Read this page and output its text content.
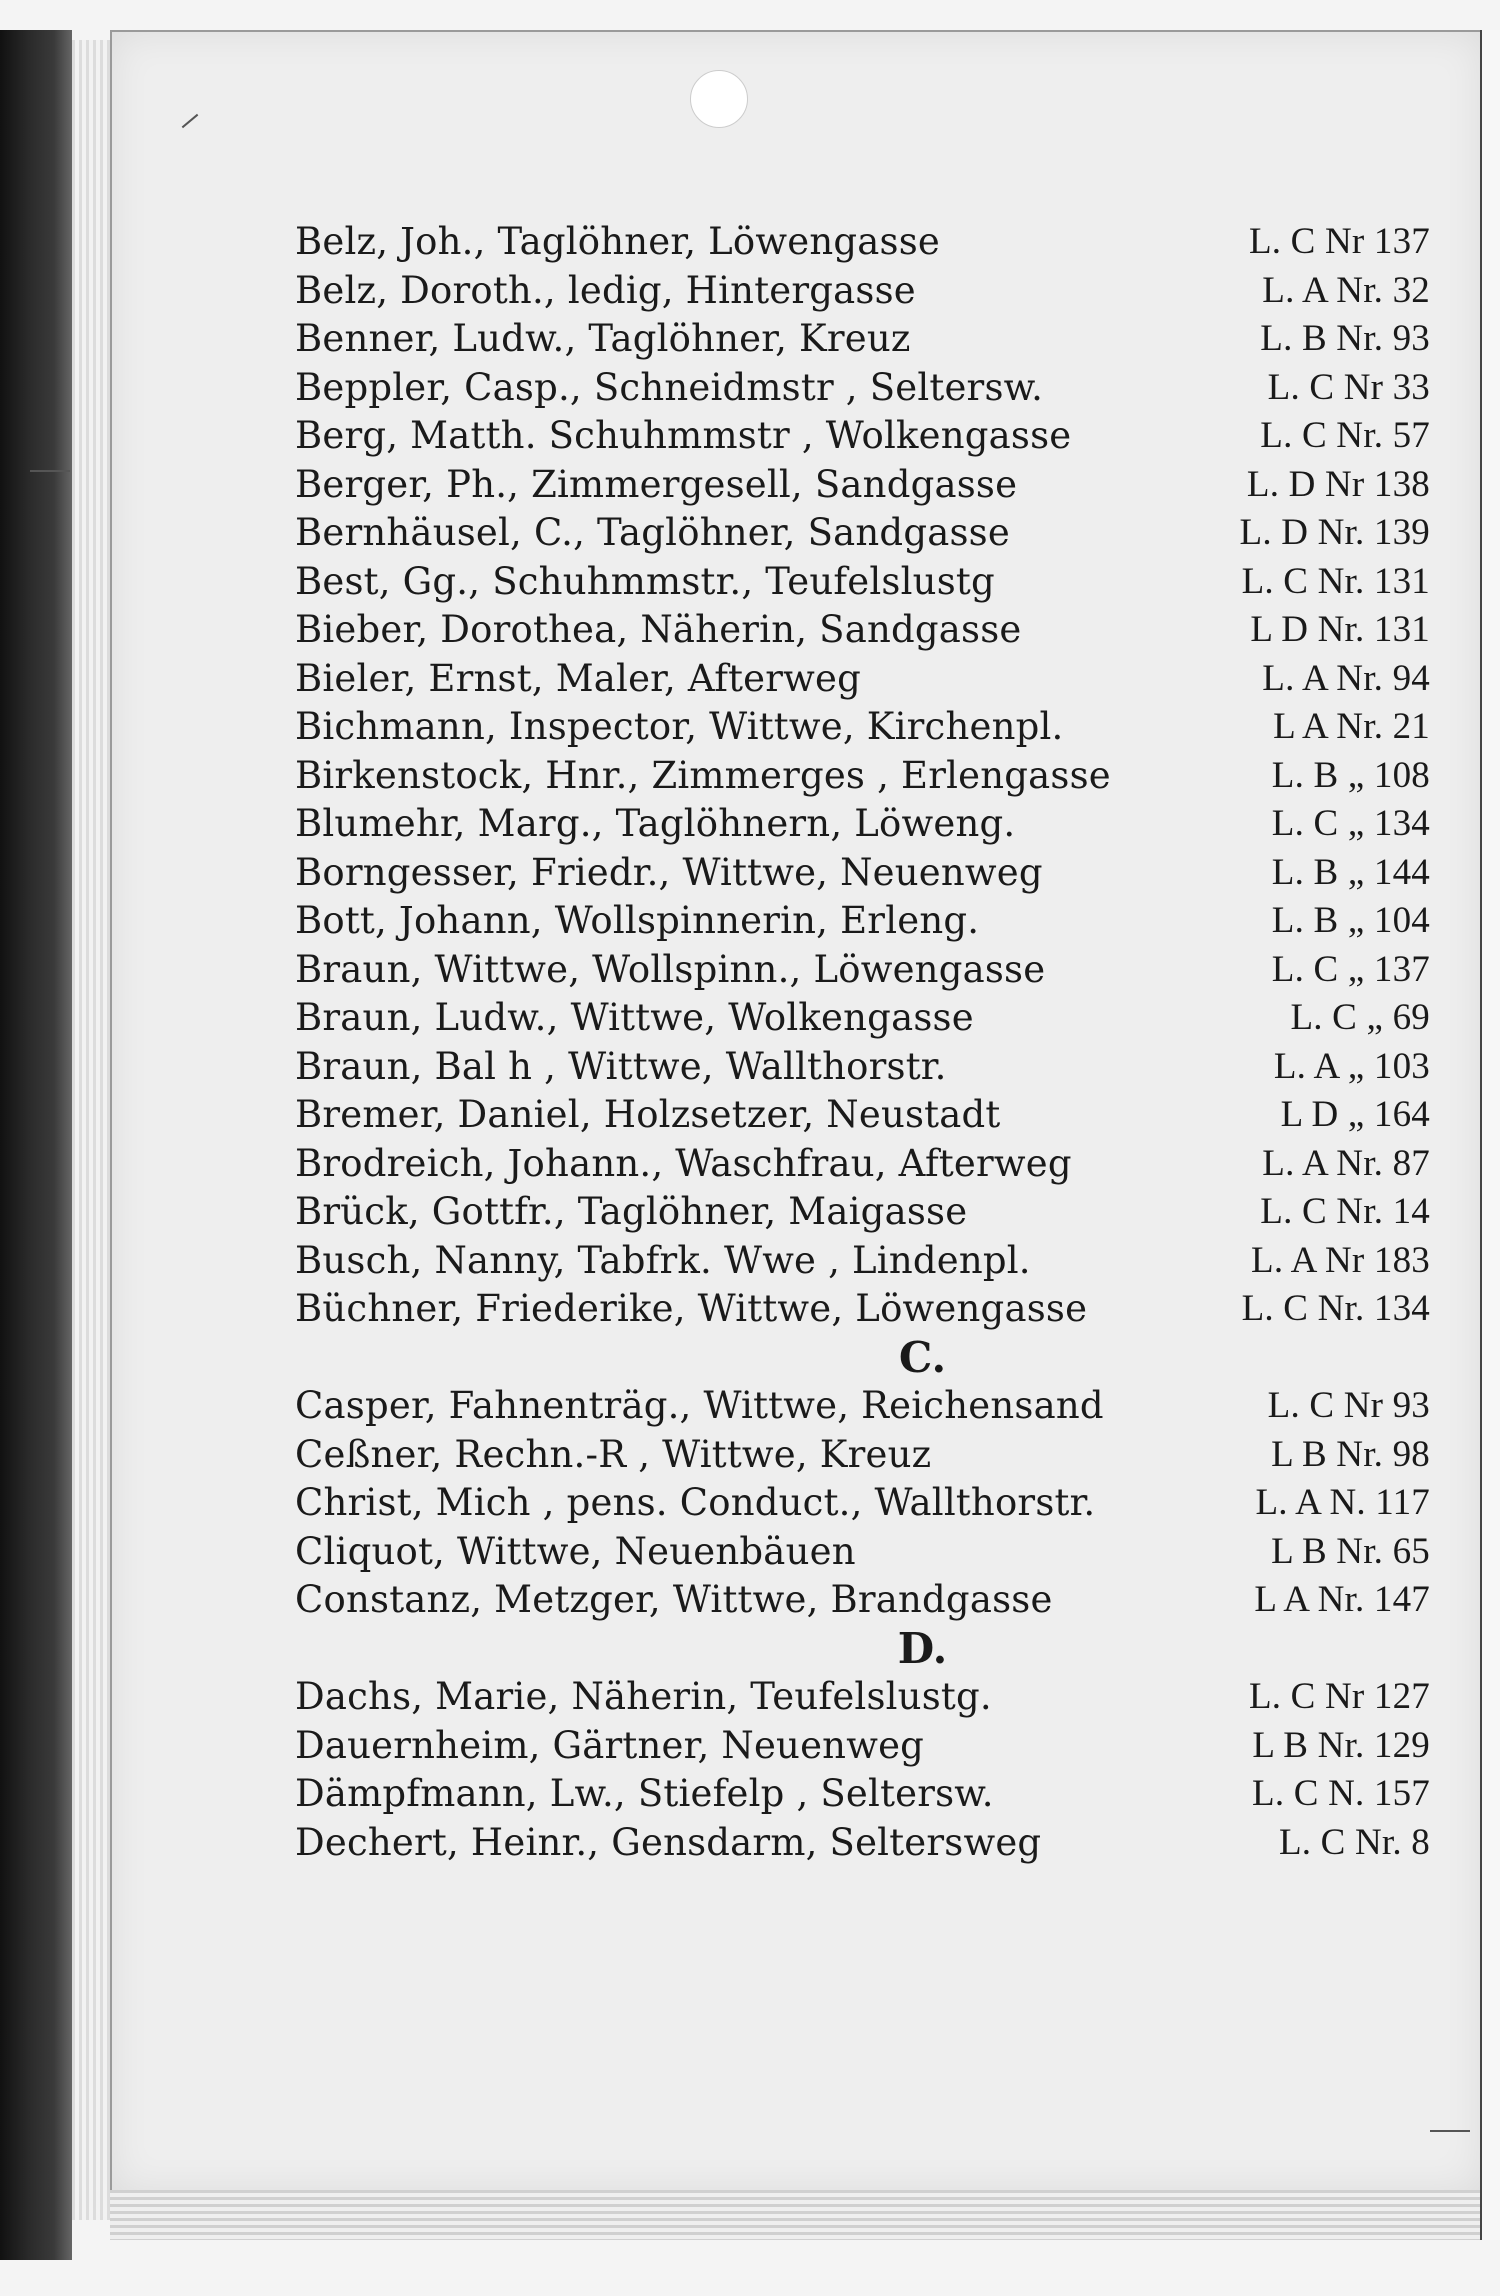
Belz, Joh., Taglöhner, Löwengasse	L. C Nr 137
Belz, Doroth., ledig, Hintergasse	L. A Nr. 32
Benner, Ludw., Taglöhner, Kreuz	L. B Nr. 93
Beppler, Casp., Schneidmstr , Seltersw.	L. C Nr 33
Berg, Matth. Schuhmmstr , Wolkengasse	L. C Nr. 57
Berger, Ph., Zimmergesell, Sandgasse	L. D Nr 138
Bernhäusel, C., Taglöhner, Sandgasse	L. D Nr. 139
Best, Gg., Schuhmmstr., Teufelslustg	L. C Nr. 131
Bieber, Dorothea, Näherin, Sandgasse	L D Nr. 131
Bieler, Ernst, Maler, Afterweg	L. A Nr. 94
Bichmann, Inspector, Wittwe, Kirchenpl.	L A Nr. 21
Birkenstock, Hnr., Zimmerges , Erlengasse	L. B „ 108
Blumehr, Marg., Taglöhnern, Löweng.	L. C „ 134
Borngesser, Friedr., Wittwe, Neuenweg	L. B „ 144
Bott, Johann, Wollspinnerin, Erleng.	L. B „ 104
Braun, Wittwe, Wollspinn., Löwengasse	L. C „ 137
Braun, Ludw., Wittwe, Wolkengasse	L. C „ 69
Braun, Bal h , Wittwe, Wallthorstr.	L. A „ 103
Bremer, Daniel, Holzsetzer, Neustadt	L D „ 164
Brodreich, Johann., Waschfrau, Afterweg	L. A Nr. 87
Brück, Gottfr., Taglöhner, Maigasse	L. C Nr. 14
Busch, Nanny, Tabfrk. Wwe , Lindenpl.	L. A Nr 183
Büchner, Friederike, Wittwe, Löwengasse	L. C Nr. 134
C.
Casper, Fahnenträg., Wittwe, Reichensand	L. C Nr 93
Ceßner, Rechn.-R , Wittwe, Kreuz	L B Nr. 98
Christ, Mich , pens. Conduct., Wallthorstr.	L. A N. 117
Cliquot, Wittwe, Neuenbäuen	L B Nr. 65
Constanz, Metzger, Wittwe, Brandgasse	L A Nr. 147
D.
Dachs, Marie, Näherin, Teufelslustg.	L. C Nr 127
Dauernheim, Gärtner, Neuenweg	L B Nr. 129
Dämpfmann, Lw., Stiefelp , Seltersw.	L. C N. 157
Dechert, Heinr., Gensdarm, Seltersweg	L. C Nr. 8
